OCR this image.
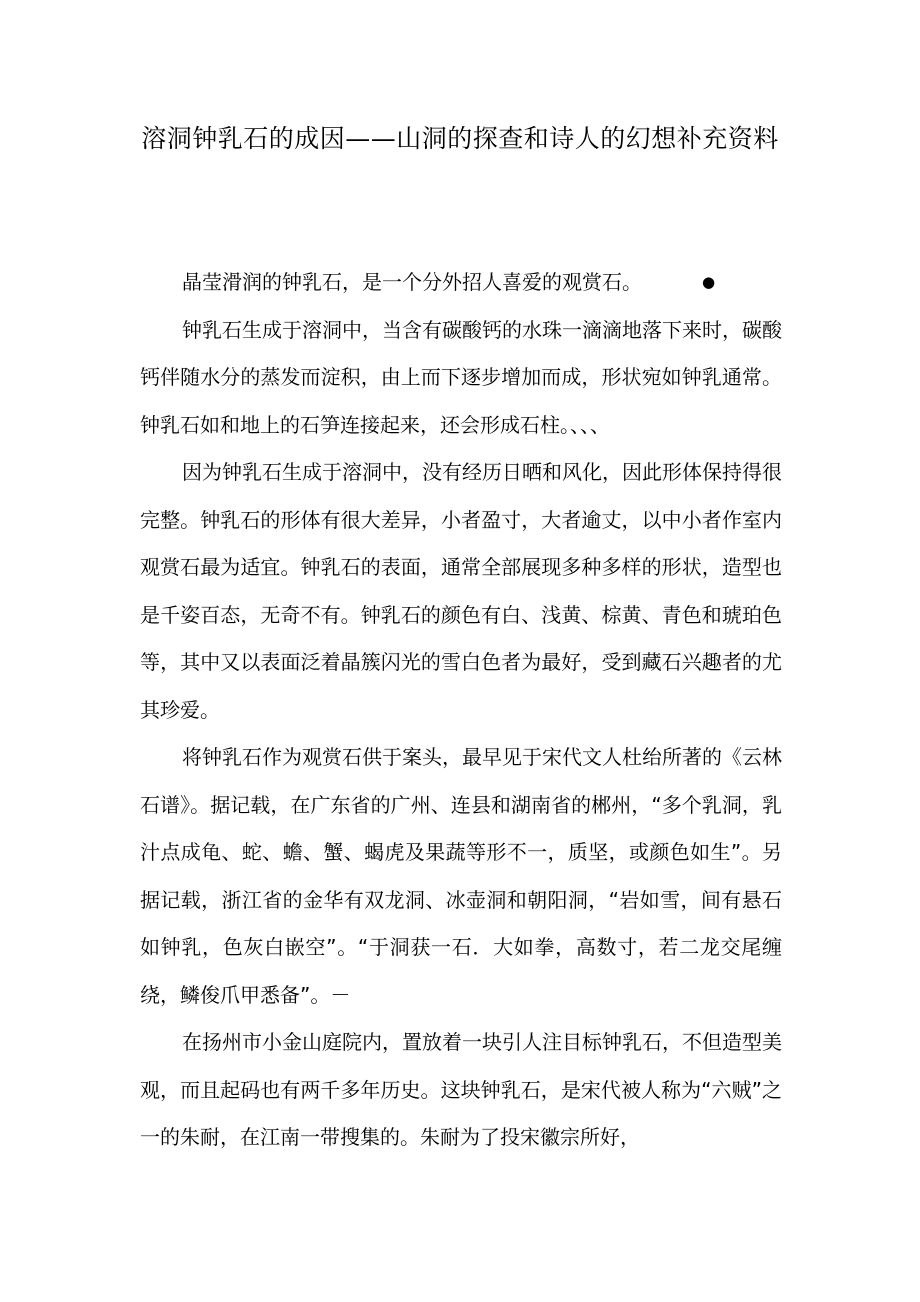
溶洞钟乳石的成因——山洞的探查和诗人的幻想补充资料

晶莹滑润的钟乳石，是一个分外招人喜爱的观赏石。	●

钟乳石生成于溶洞中，当含有碳酸钙的水珠一滴滴地落下来时，碳酸钙伴随水分的蒸发而淀积，由上而下逐步增加而成，形状宛如钟乳通常。钟乳石如和地上的石笋连接起来，还会形成石柱。、、、

因为钟乳石生成于溶洞中，没有经历日晒和风化，因此形体保持得很完整。钟乳石的形体有很大差异，小者盈寸，大者逾丈，以中小者作室内观赏石最为适宜。钟乳石的表面，通常全部展现多种多样的形状，造型也是千姿百态，无奇不有。钟乳石的颜色有白、浅黄、棕黄、青色和琥珀色等，其中又以表面泛着晶簇闪光的雪白色者为最好，受到藏石兴趣者的尤其珍爱。

将钟乳石作为观赏石供于案头，最早见于宋代文人杜绐所著的《云林石谱》。据记载，在广东省的广州、连县和湖南省的郴州，“多个乳洞，乳汁点成龟、蛇、蟾、蟹、蝎虎及果蔬等形不一，质坚，或颜色如生”。另据记载，浙江省的金华有双龙洞、冰壶洞和朝阳洞，“岩如雪，间有悬石如钟乳，色灰白嵌空”。“于洞获一石．大如拳，高数寸，若二龙交尾缠绕，鳞俊爪甲悉备”。－

在扬州市小金山庭院内，置放着一块引人注目标钟乳石，不但造型美观，而且起码也有两千多年历史。这块钟乳石，是宋代被人称为“六贼”之一的朱耐，在江南一带搜集的。朱耐为了投宋徽宗所好，
